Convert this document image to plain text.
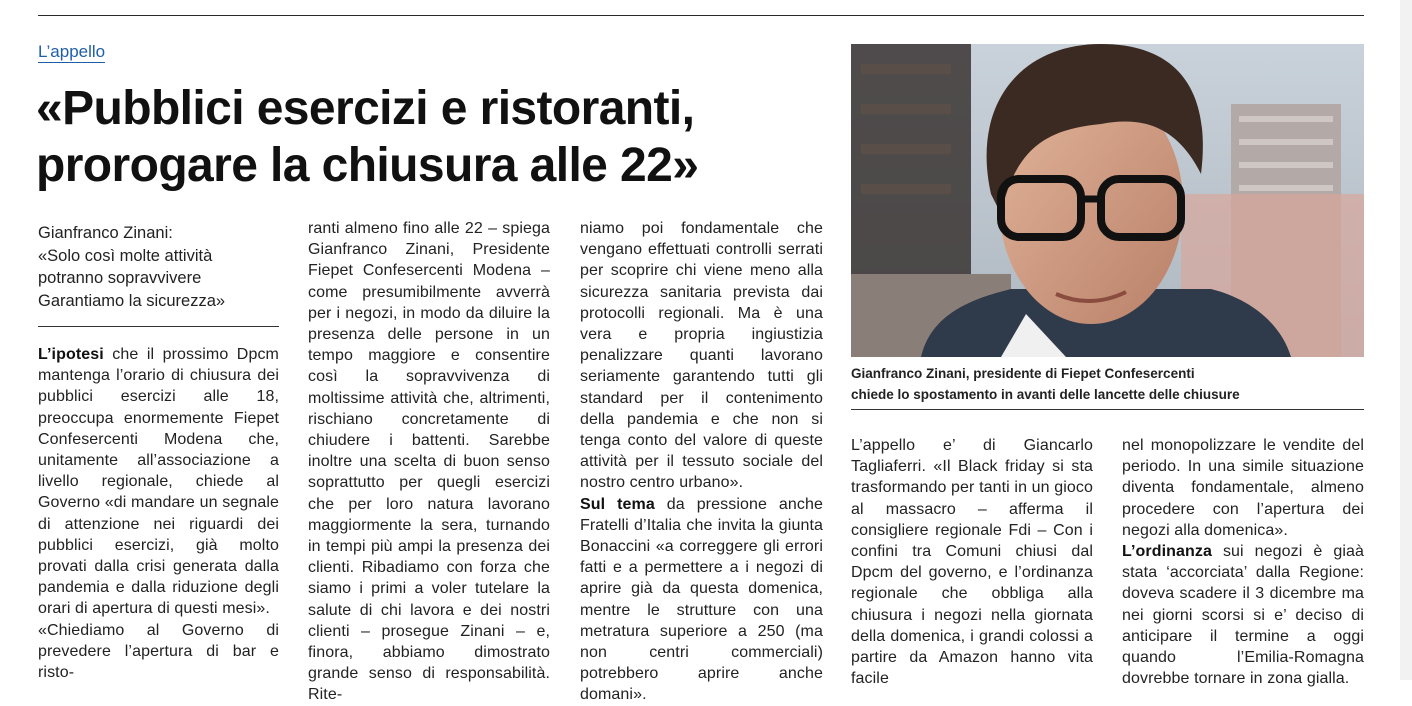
L’appello
«Pubblici esercizi e ristoranti,
prorogare la chiusura alle 22»
Gianfranco Zinani:
«Solo così molte attività
potranno sopravvivere
Garantiamo la sicurezza»

L’ipotesi che il prossimo Dpcm mantenga l’orario di chiusura dei pubblici esercizi alle 18, preoccupa enormemente Fiepet Confesercenti Modena che, unitamente all’associazione a livello regionale, chiede al Governo «di mandare un segnale di attenzione nei riguardi dei pubblici esercizi, già molto provati dalla crisi generata dalla pandemia e dalla riduzione degli orari di apertura di questi mesi».

«Chiediamo al Governo di prevedere l’apertura di bar e risto-

ranti almeno fino alle 22 – spiega Gianfranco Zinani, Presidente Fiepet Confesercenti Modena – come presumibilmente avverrà per i negozi, in modo da diluire la presenza delle persone in un tempo maggiore e consentire così la sopravvivenza di moltissime attività che, altrimenti, rischiano concretamente di chiudere i battenti. Sarebbe inoltre una scelta di buon senso soprattutto per quegli esercizi che per loro natura lavorano maggiormente la sera, turnando in tempi più ampi la presenza dei clienti. Ribadiamo con forza che siamo i primi a voler tutelare la salute di chi lavora e dei nostri clienti – prosegue Zinani – e, finora, abbiamo dimostrato grande senso di responsabilità. Rite-

niamo poi fondamentale che vengano effettuati controlli serrati per scoprire chi viene meno alla sicurezza sanitaria prevista dai protocolli regionali. Ma è una vera e propria ingiustizia penalizzare quanti lavorano seriamente garantendo tutti gli standard per il contenimento della pandemia e che non si tenga conto del valore di queste attività per il tessuto sociale del nostro centro urbano».

Sul tema da pressione anche Fratelli d’Italia che invita la giunta Bonaccini «a correggere gli errori fatti e a permettere a i negozi di aprire già da questa domenica, mentre le strutture con una metratura superiore a 250 (ma non centri commerciali) potrebbero aprire anche domani».

Gianfranco Zinani, presidente di Fiepet Confesercenti
chiede lo spostamento in avanti delle lancette delle chiusure

L’appello e’ di Giancarlo Tagliaferri. «Il Black friday si sta trasformando per tanti in un gioco al massacro – afferma il consigliere regionale Fdi – Con i confini tra Comuni chiusi dal Dpcm del governo, e l’ordinanza regionale che obbliga alla chiusura i negozi nella giornata della domenica, i grandi colossi a partire da Amazon hanno vita facile

nel monopolizzare le vendite del periodo. In una simile situazione diventa fondamentale, almeno procedere con l’apertura dei negozi alla domenica».

L’ordinanza sui negozi è giaà stata ‘accorciata’ dalla Regione: doveva scadere il 3 dicembre ma nei giorni scorsi si e’ deciso di anticipare il termine a oggi quando l’Emilia-Romagna dovrebbe tornare in zona gialla.
